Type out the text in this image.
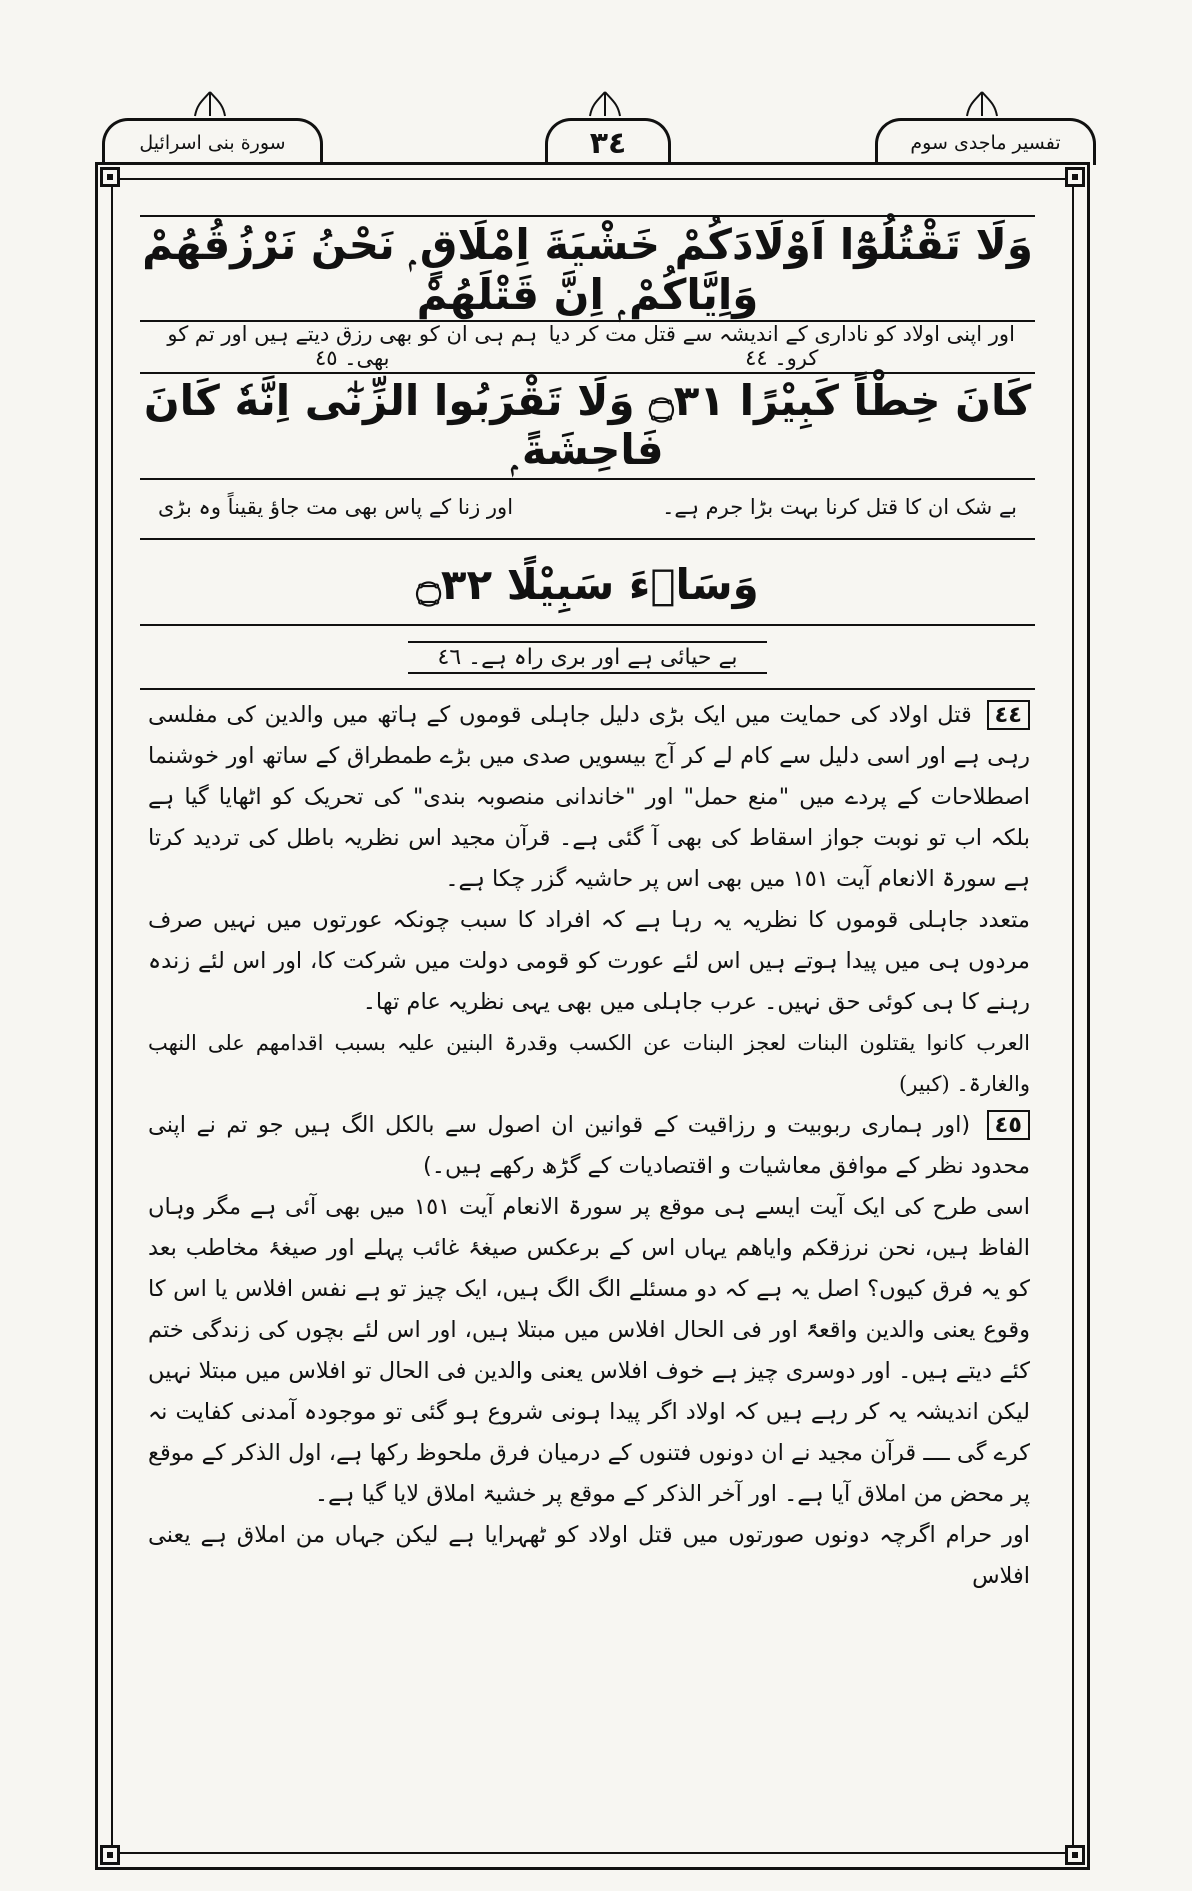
سورة بنی اسرائیل	٣٤	تفسیر ماجدی سوم
وَلَا تَقْتُلُوْٓا اَوْلَادَكُمْ خَشْيَةَ اِمْلَاقٍ ۭ نَحْنُ نَرْزُقُهُمْ وَاِيَّاكُمْ ۭ اِنَّ قَتْلَهُمْ
اور اپنی اولاد کو ناداری کے اندیشہ سے قتل مت کر دیا کرو۔ ٤٤
ہم ہی ان کو بھی رزق دیتے ہیں اور تم کو بھی۔ ٤٥
كَانَ خِطْاً كَبِيْرًا ۝٣١ وَلَا تَقْرَبُوا الزِّنٰٓى اِنَّهٗ كَانَ فَاحِشَةً ۭ
بے شک ان کا قتل کرنا بہت بڑا جرم ہے۔
اور زنا کے پاس بھی مت جاؤ یقیناً وہ بڑی
وَسَاۗءَ سَبِيْلًا ۝٣٢
بے حیائی ہے اور بری راہ ہے۔ ٤٦

٤٤ قتل اولاد کی حمایت میں ایک بڑی دلیل جاہلی قوموں کے ہاتھ میں والدین کی مفلسی رہی ہے اور اسی دلیل سے کام لے کر آج بیسویں صدی میں بڑے طمطراق کے ساتھ اور خوشنما اصطلاحات کے پردے میں "منع حمل" اور "خاندانی منصوبہ بندی" کی تحریک کو اٹھایا گیا ہے بلکہ اب تو نوبت جواز اسقاط کی بھی آ گئی ہے۔ قرآن مجید اس نظریہ باطل کی تردید کرتا ہے سورۃ الانعام آیت ١٥١ میں بھی اس پر حاشیہ گزر چکا ہے۔

متعدد جاہلی قوموں کا نظریہ یہ رہا ہے کہ افراد کا سبب چونکہ عورتوں میں نہیں صرف مردوں ہی میں پیدا ہوتے ہیں اس لئے عورت کو قومی دولت میں شرکت کا، اور اس لئے زندہ رہنے کا ہی کوئی حق نہیں۔ عرب جاہلی میں بھی یہی نظریہ عام تھا۔

العرب کانوا یقتلون البنات لعجز البنات عن الکسب وقدرۃ البنین علیہ بسبب اقدامھم علی النھب والغارۃ۔ (کبیر)

٤٥ (اور ہماری ربوبیت و رزاقیت کے قوانین ان اصول سے بالکل الگ ہیں جو تم نے اپنی محدود نظر کے موافق معاشیات و اقتصادیات کے گڑھ رکھے ہیں۔)

اسی طرح کی ایک آیت ایسے ہی موقع پر سورۃ الانعام آیت ١٥١ میں بھی آئی ہے مگر وہاں الفاظ ہیں، نحن نرزقکم وایاھم یہاں اس کے برعکس صیغۂ غائب پہلے اور صیغۂ مخاطب بعد کو یہ فرق کیوں؟ اصل یہ ہے کہ دو مسئلے الگ الگ ہیں، ایک چیز تو ہے نفس افلاس یا اس کا وقوع یعنی والدین واقعۃً اور فی الحال افلاس میں مبتلا ہیں، اور اس لئے بچوں کی زندگی ختم کئے دیتے ہیں۔ اور دوسری چیز ہے خوف افلاس یعنی والدین فی الحال تو افلاس میں مبتلا نہیں لیکن اندیشہ یہ کر رہے ہیں کہ اولاد اگر پیدا ہونی شروع ہو گئی تو موجودہ آمدنی کفایت نہ کرے گی ــــ قرآن مجید نے ان دونوں فتنوں کے درمیان فرق ملحوظ رکھا ہے، اول الذکر کے موقع پر محض من املاق آیا ہے۔ اور آخر الذکر کے موقع پر خشیۃ املاق لایا گیا ہے۔

اور حرام اگرچہ دونوں صورتوں میں قتل اولاد کو ٹھہرایا ہے لیکن جہاں من املاق ہے یعنی افلاس
